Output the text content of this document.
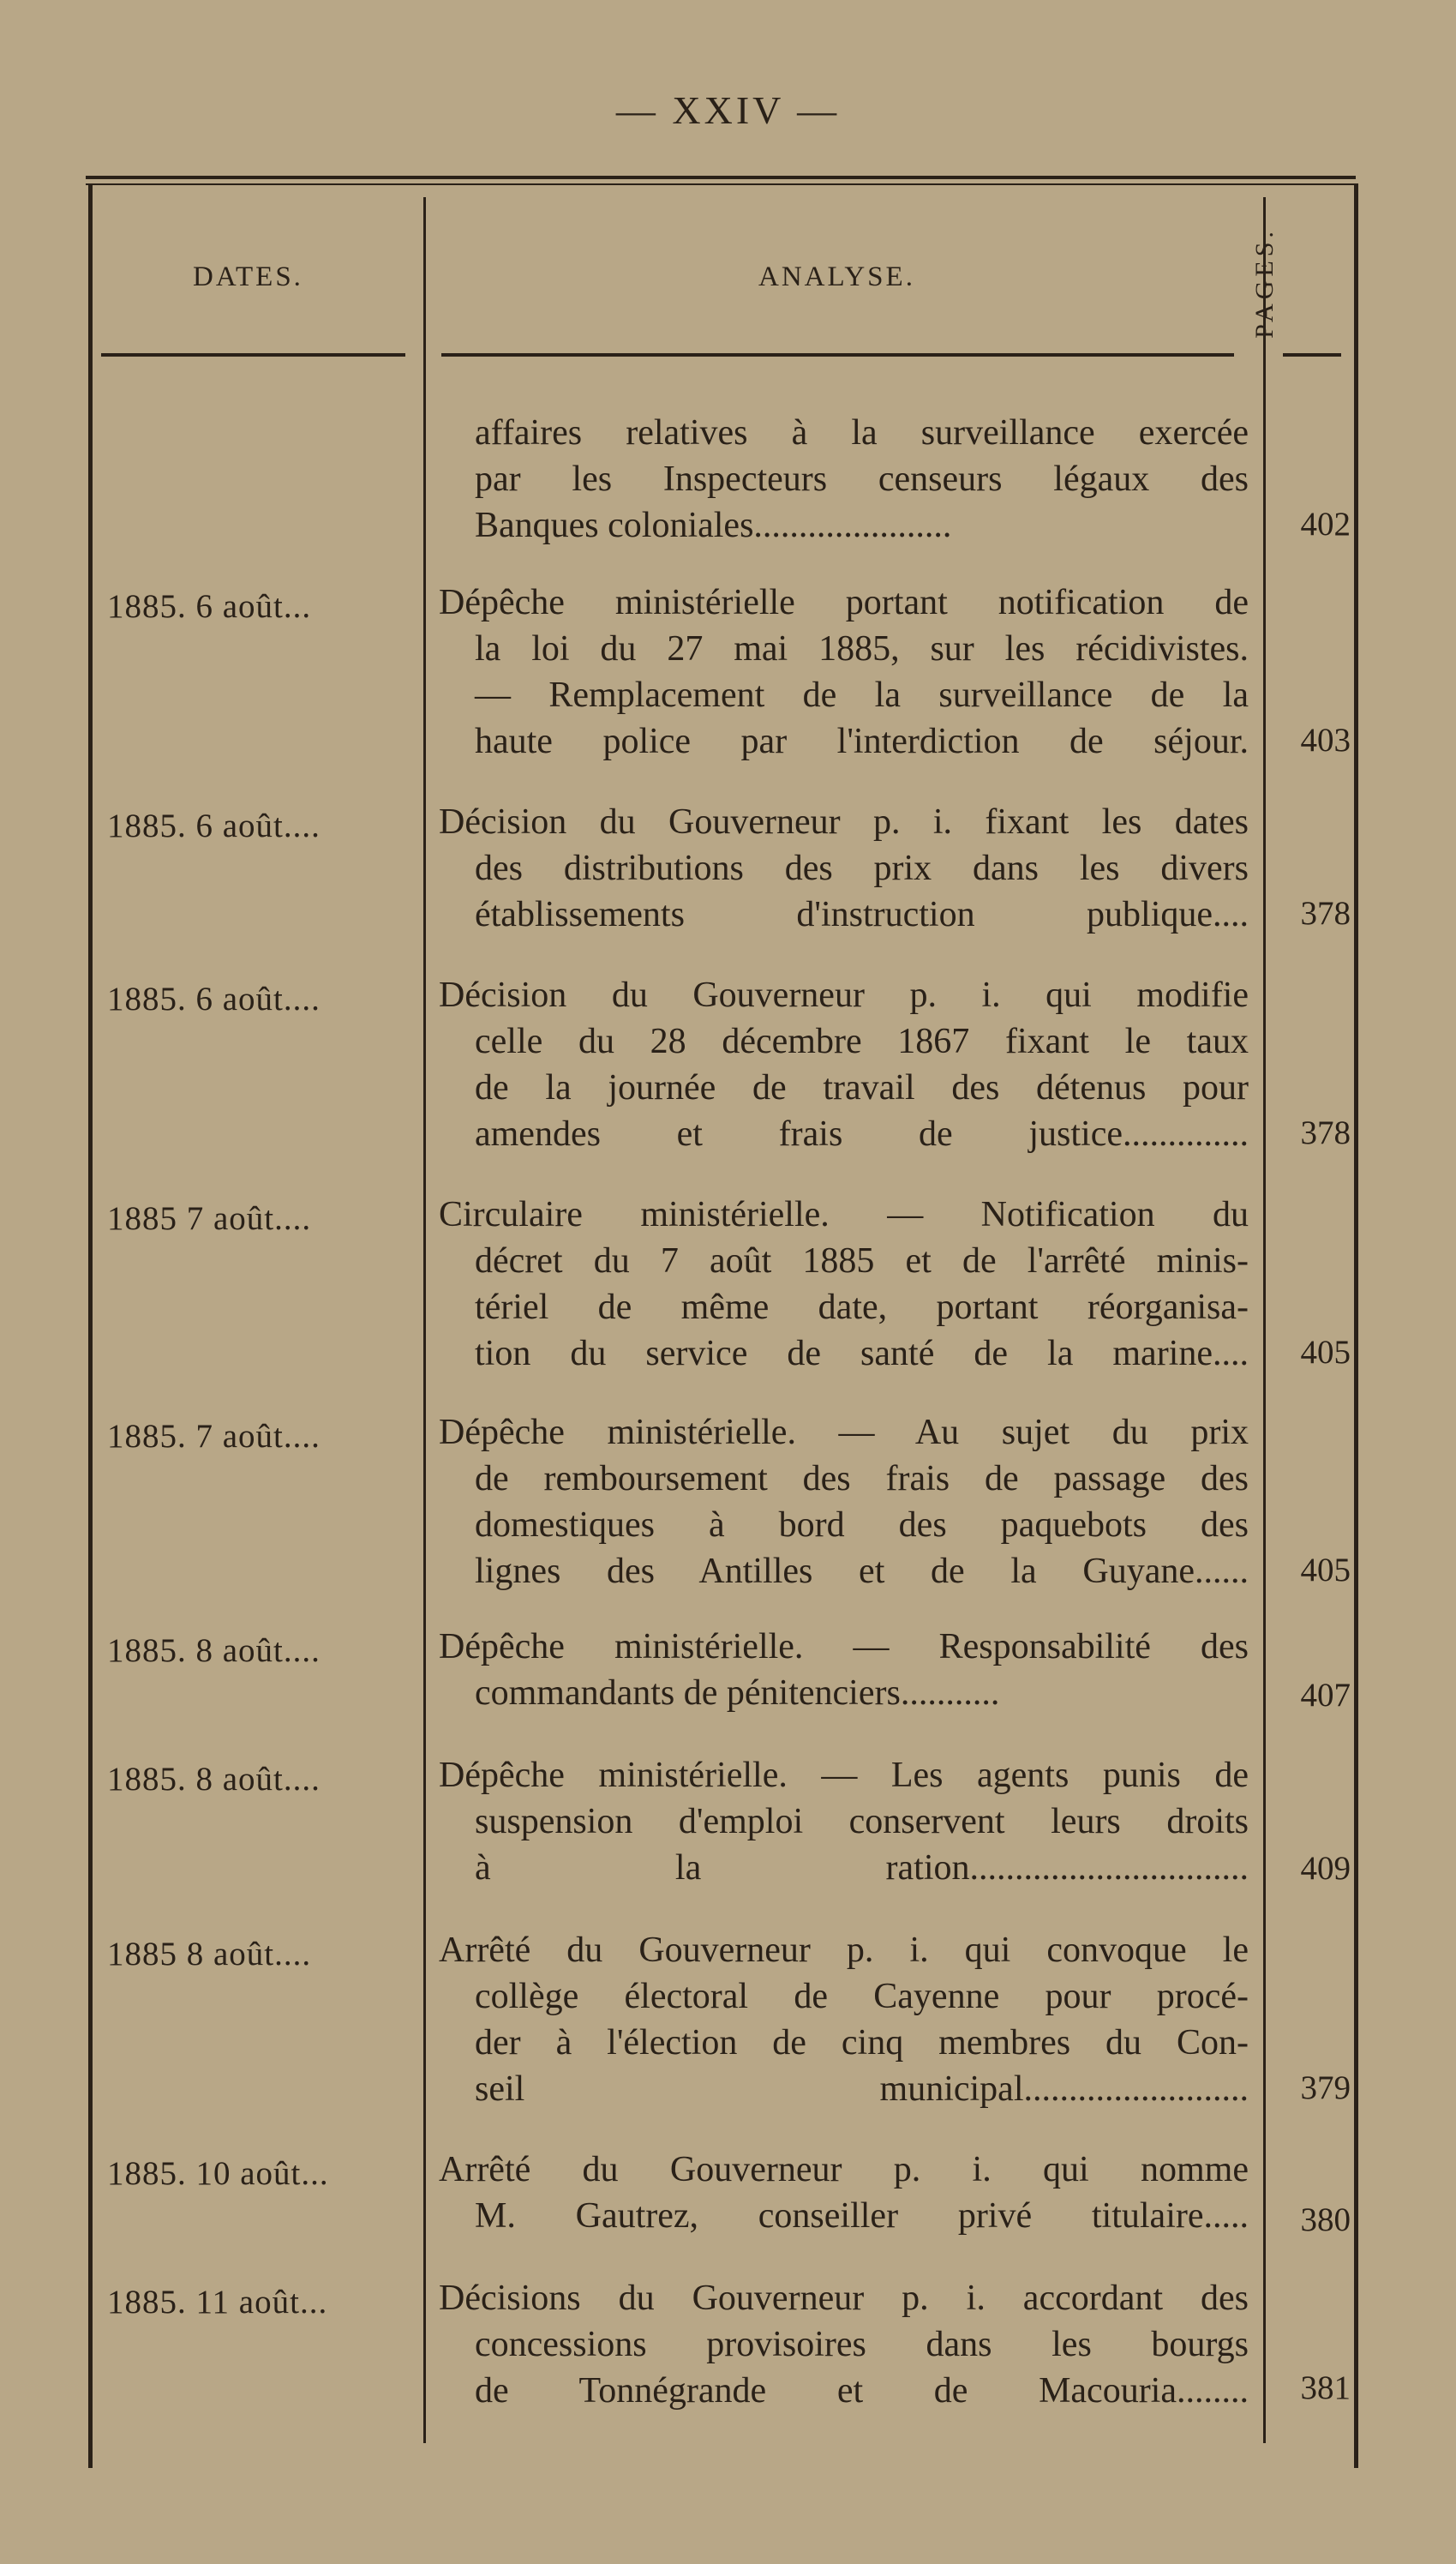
— XXIV —
DATES.	ANALYSE.	PAGES.
affaires relatives à la surveillance exercée
par les Inspecteurs censeurs légaux des
Banques coloniales......................	402
1885. 6 août...	Dépêche ministérielle portant notification de
la loi du 27 mai 1885, sur les récidivistes.
— Remplacement de la surveillance de la
haute police par l'interdiction de séjour.	403
1885. 6 août....	Décision du Gouverneur p. i. fixant les dates
des distributions des prix dans les divers
établissements d'instruction publique....	378
1885. 6 août....	Décision du Gouverneur p. i. qui modifie
celle du 28 décembre 1867 fixant le taux
de la journée de travail des détenus pour
amendes et frais de justice..............	378
1885 7 août....	Circulaire ministérielle. — Notification du
décret du 7 août 1885 et de l'arrêté minis-
tériel de même date, portant réorganisa-
tion du service de santé de la marine....	405
1885. 7 août....	Dépêche ministérielle. — Au sujet du prix
de remboursement des frais de passage des
domestiques à bord des paquebots des
lignes des Antilles et de la Guyane......	405
1885. 8 août....	Dépêche ministérielle. — Responsabilité des
commandants de pénitenciers...........	407
1885. 8 août....	Dépêche ministérielle. — Les agents punis de
suspension d'emploi conservent leurs droits
à la ration...............................	409
1885 8 août....	Arrêté du Gouverneur p. i. qui convoque le
collège électoral de Cayenne pour procé-
der à l'élection de cinq membres du Con-
seil municipal.........................	379
1885. 10 août...	Arrêté du Gouverneur p. i. qui nomme
M. Gautrez, conseiller privé titulaire.....	380
1885. 11 août...	Décisions du Gouverneur p. i. accordant des
concessions provisoires dans les bourgs
de Tonnégrande et de Macouria........	381
